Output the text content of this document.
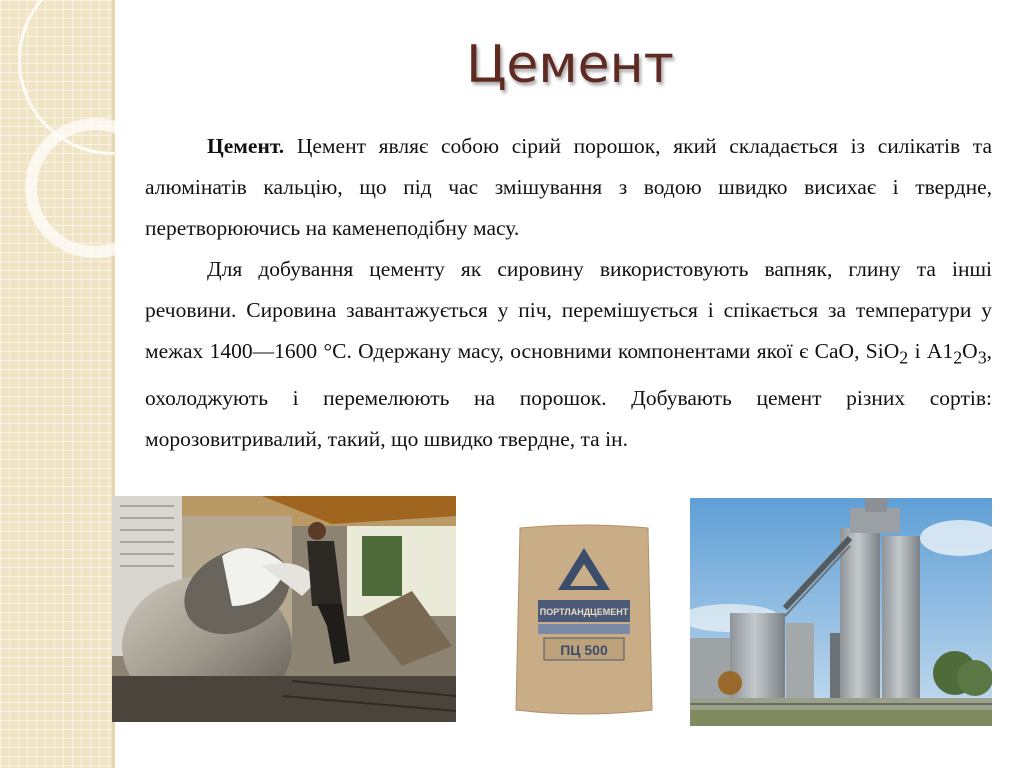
Цемент

Цемент. Цемент являє собою сірий порошок, який складається із силікатів та алюмінатів кальцію, що під час змішування з водою швидко висихає і твердне, перетворюючись на каменеподібну масу.

Для добування цементу як сировину використовують вапняк, глину та інші речовини. Сировина завантажується у піч, перемішується і спікається за температури у межах 1400—1600 °С. Одержану масу, основними компонентами якої є СаО, SiO$_2$ і $А1_2O_3$, охолоджують і перемелюють на порошок. Добувають цемент різних сортів: морозовитривалий, такий, що швидко твердне, та ін.

ПОРТЛАНДЦЕМЕНТ
ПЦ 500
